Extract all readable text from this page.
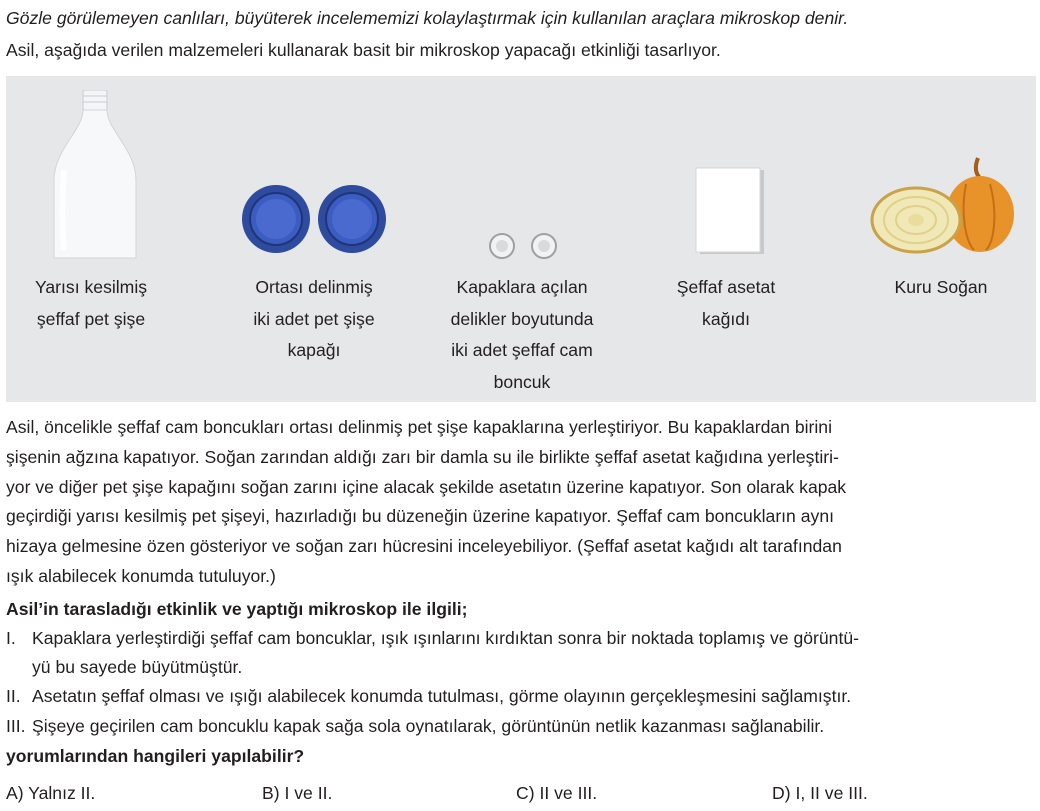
Gözle görülemeyen canlıları, büyüterek incelememizi kolaylaştırmak için kullanılan araçlara mikroskop denir.
Asil, aşağıda verilen malzemeleri kullanarak basit bir mikroskop yapacağı etkinliği tasarlıyor.
Yarısı kesilmiş
şeffaf pet şişe
Ortası delinmiş
iki adet pet şişe
kapağı
Kapaklara açılan
delikler boyutunda
iki adet şeffaf cam
boncuk
Şeffaf asetat
kağıdı
Kuru Soğan

Asil, öncelikle şeffaf cam boncukları ortası delinmiş pet şişe kapaklarına yerleştiriyor. Bu kapaklardan birini

şişenin ağzına kapatıyor. Soğan zarından aldığı zarı bir damla su ile birlikte şeffaf asetat kağıdına yerleştiri-

yor ve diğer pet şişe kapağını soğan zarını içine alacak şekilde asetatın üzerine kapatıyor. Son olarak kapak

geçirdiği yarısı kesilmiş pet şişeyi, hazırladığı bu düzeneğin üzerine kapatıyor. Şeffaf cam boncukların aynı

hizaya gelmesine özen gösteriyor ve soğan zarı hücresini inceleyebiliyor. (Şeffaf asetat kağıdı alt tarafından

ışık alabilecek konumda tutuluyor.)

Asil’in tarasladığı etkinlik ve yaptığı mikroskop ile ilgili;
I. Kapaklara yerleştirdiği şeffaf cam boncuklar, ışık ışınlarını kırdıktan sonra bir noktada toplamış ve görüntü-
yü bu sayede büyütmüştür.
II. Asetatın şeffaf olması ve ışığı alabilecek konumda tutulması, görme olayının gerçekleşmesini sağlamıştır.
III. Şişeye geçirilen cam boncuklu kapak sağa sola oynatılarak, görüntünün netlik kazanması sağlanabilir.
yorumlarından hangileri yapılabilir?
A) Yalnız II.	B) I ve II.	C) II ve III.	D) I, II ve III.
